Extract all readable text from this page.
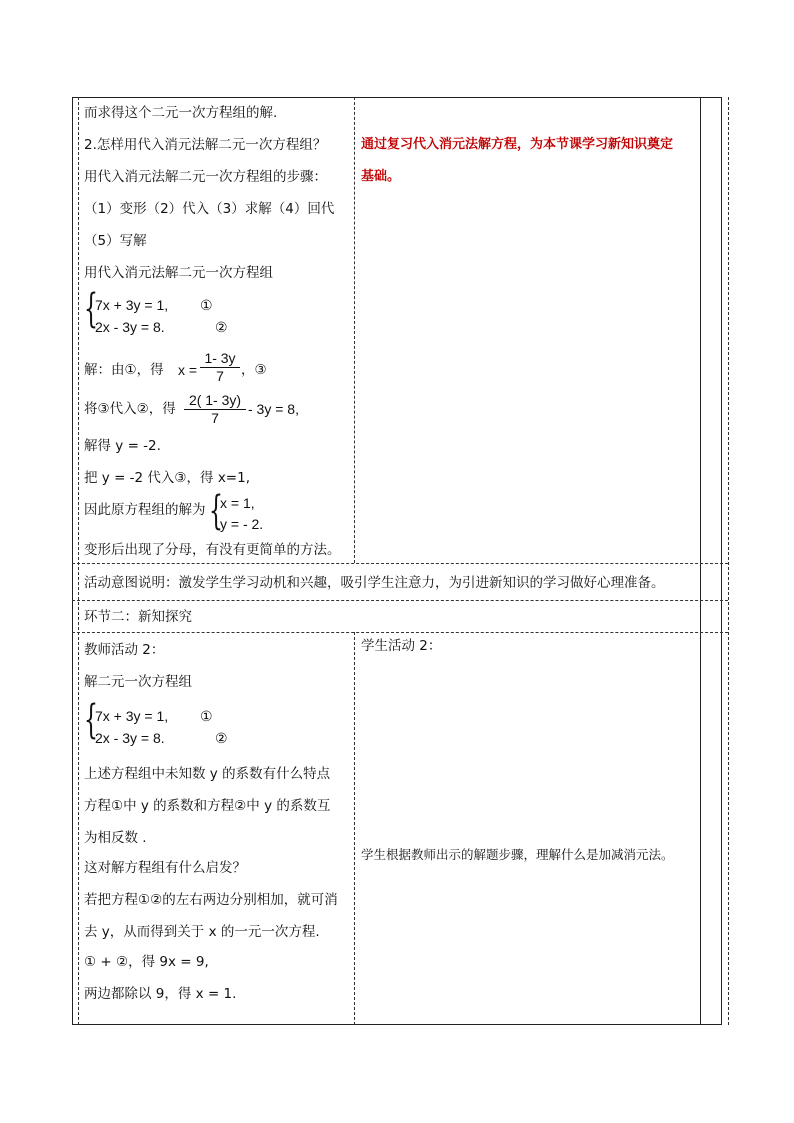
而求得这个二元一次方程组的解.
2.怎样用代入消元法解二元一次方程组？
用代入消元法解二元一次方程组的步骤：
（1）变形（2）代入（3）求解（4）回代
（5）写解
用代入消元法解二元一次方程组
{
7x + 3y = 1, ①
2x - 3y = 8.	②
解：由①，得 $x = \frac{1- 3y}{7}$ ，③
将③代入②，得 $\frac{2( 1- 3y)}{7} - 3y = 8$,
解得 y = -2.
把 y = -2 代入③，得 x=1,
因此原方程组的解为 {
x = 1,
y = - 2.
变形后出现了分母，有没有更简单的方法。
通过复习代入消元法解方程，为本节课学习新知识奠定
基础。
活动意图说明：激发学生学习动机和兴趣，吸引学生注意力，为引进新知识的学习做好心理准备。
环节二：新知探究
教师活动 2：
解二元一次方程组
{
7x + 3y = 1, ①
2x - 3y = 8.	②
上述方程组中未知数 y 的系数有什么特点
方程①中 y 的系数和方程②中 y 的系数互
为相反数 .
这对解方程组有什么启发？
若把方程①②的左右两边分别相加，就可消
去 y，从而得到关于 x 的一元一次方程.
① + ②，得 9x = 9,
两边都除以 9，得 x = 1.
学生活动 2：
学生根据教师出示的解题步骤，理解什么是加减消元法。
